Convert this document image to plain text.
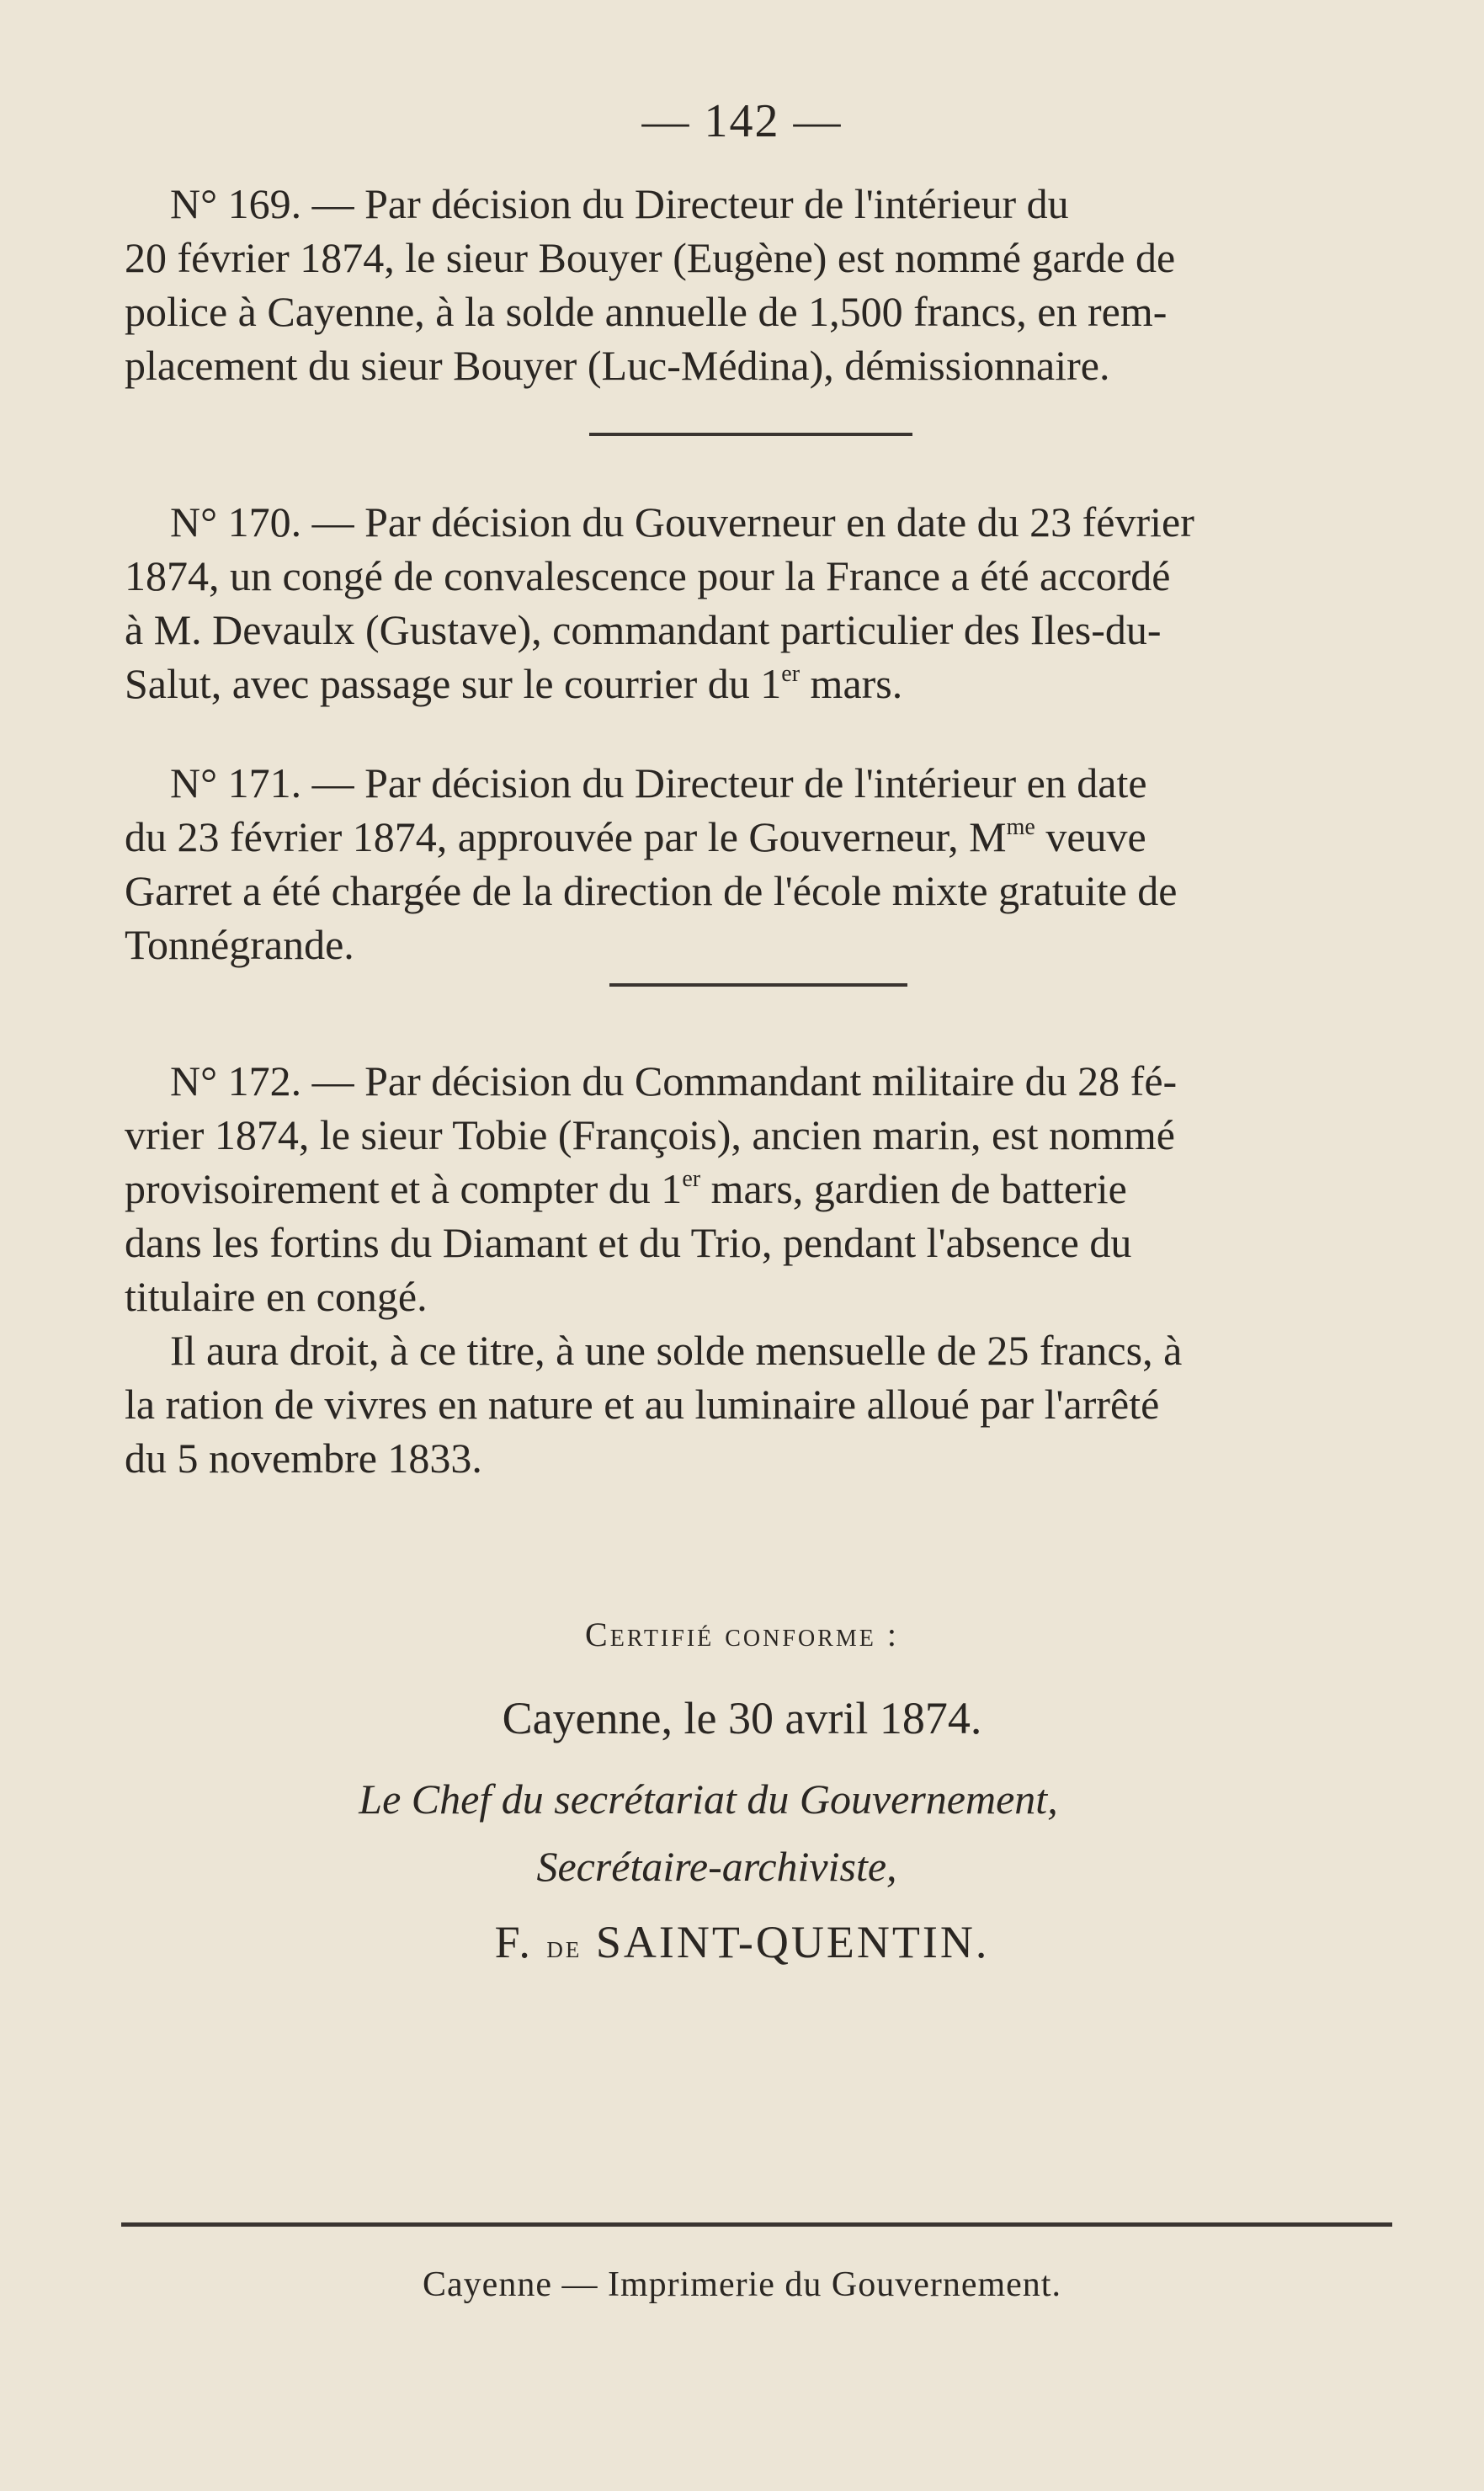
— 142 —
N° 169. — Par décision du Directeur de l'intérieur du
20 février 1874, le sieur Bouyer (Eugène) est nommé garde de
police à Cayenne, à la solde annuelle de 1,500 francs, en rem-
placement du sieur Bouyer (Luc-Médina), démissionnaire.
N° 170. — Par décision du Gouverneur en date du 23 février
1874, un congé de convalescence pour la France a été accordé
à M. Devaulx (Gustave), commandant particulier des Iles-du-
Salut, avec passage sur le courrier du 1er mars.
N° 171. — Par décision du Directeur de l'intérieur en date
du 23 février 1874, approuvée par le Gouverneur, $M^{me}$ veuve
Garret a été chargée de la direction de l'école mixte gratuite de
Tonnégrande.
N° 172. — Par décision du Commandant militaire du 28 fé-
vrier 1874, le sieur Tobie (François), ancien marin, est nommé
provisoirement et à compter du 1er mars, gardien de batterie
dans les fortins du Diamant et du Trio, pendant l'absence du
titulaire en congé.
Il aura droit, à ce titre, à une solde mensuelle de 25 francs, à
la ration de vivres en nature et au luminaire alloué par l'arrêté
du 5 novembre 1833.
Certifié conforme :
Cayenne, le 30 avril 1874.
Le Chef du secrétariat du Gouvernement,
Secrétaire-archiviste,
F. de SAINT-QUENTIN.
Cayenne — Imprimerie du Gouvernement.
